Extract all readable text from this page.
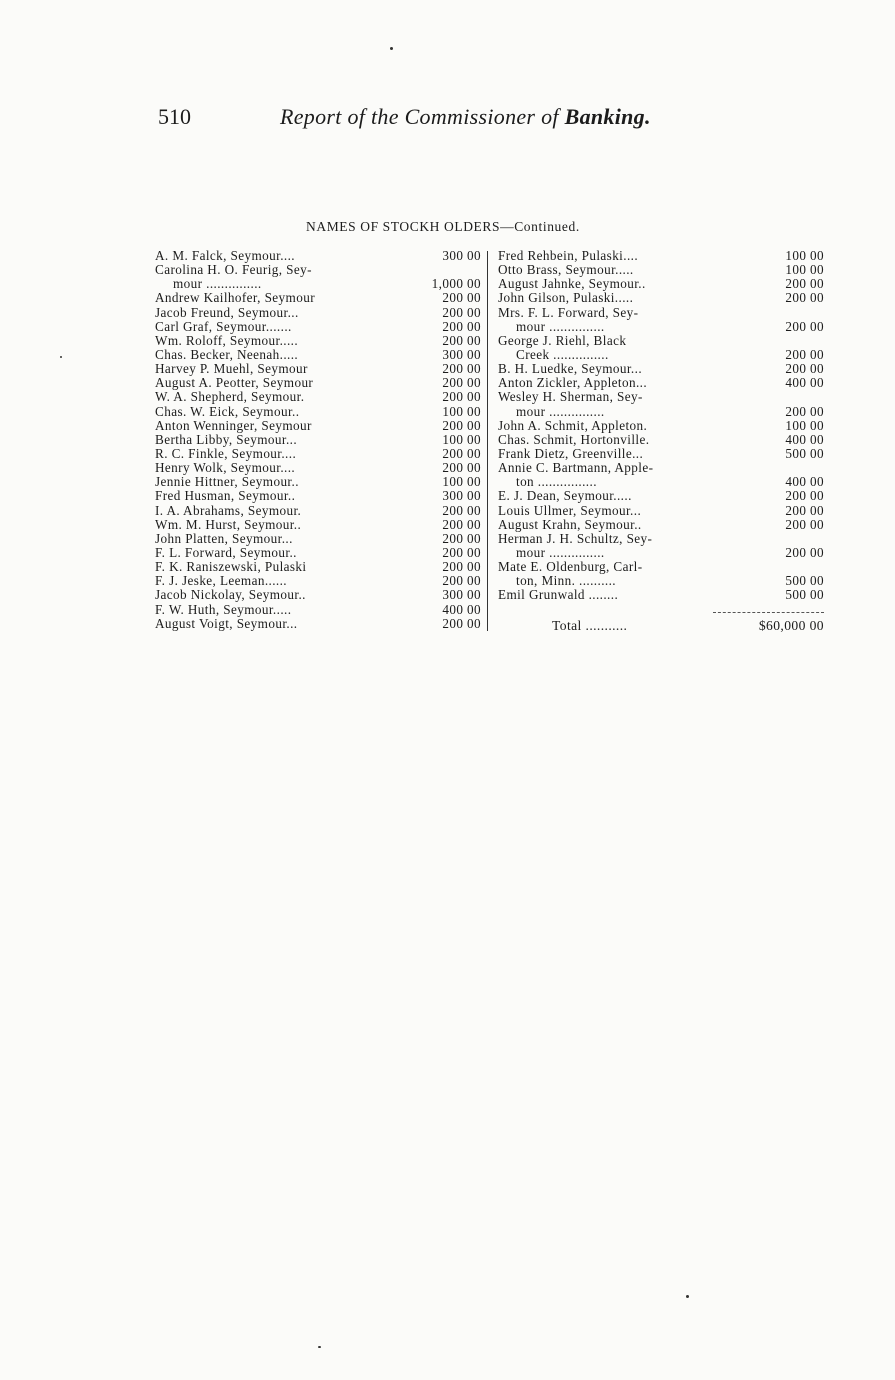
510	Report of the Commissioner of Banking.
NAMES OF STOCKH OLDERS—Continued.
A. M. Falck, Seymour....	300 00
Carolina H. O. Feurig, Sey-
mour ...............	1,000 00
Andrew Kailhofer, Seymour	200 00
Jacob Freund, Seymour...	200 00
Carl Graf, Seymour.......	200 00
Wm. Roloff, Seymour.....	200 00
Chas. Becker, Neenah.....	300 00
Harvey P. Muehl, Seymour	200 00
August A. Peotter, Seymour	200 00
W. A. Shepherd, Seymour.	200 00
Chas. W. Eick, Seymour..	100 00
Anton Wenninger, Seymour	200 00
Bertha Libby, Seymour...	100 00
R. C. Finkle, Seymour....	200 00
Henry Wolk, Seymour....	200 00
Jennie Hittner, Seymour..	100 00
Fred Husman, Seymour..	300 00
I. A. Abrahams, Seymour.	200 00
Wm. M. Hurst, Seymour..	200 00
John Platten, Seymour...	200 00
F. L. Forward, Seymour..	200 00
F. K. Raniszewski, Pulaski	200 00
F. J. Jeske, Leeman......	200 00
Jacob Nickolay, Seymour..	300 00
F. W. Huth, Seymour.....	400 00
August Voigt, Seymour...	200 00
Fred Rehbein, Pulaski....	100 00
Otto Brass, Seymour.....	100 00
August Jahnke, Seymour..	200 00
John Gilson, Pulaski.....	200 00
Mrs. F. L. Forward, Sey-
mour ...............	200 00
George J. Riehl, Black
Creek ...............	200 00
B. H. Luedke, Seymour...	200 00
Anton Zickler, Appleton...	400 00
Wesley H. Sherman, Sey-
mour ...............	200 00
John A. Schmit, Appleton.	100 00
Chas. Schmit, Hortonville.	400 00
Frank Dietz, Greenville...	500 00
Annie C. Bartmann, Apple-
ton ................	400 00
E. J. Dean, Seymour.....	200 00
Louis Ullmer, Seymour...	200 00
August Krahn, Seymour..	200 00
Herman J. H. Schultz, Sey-
mour ...............	200 00
Mate E. Oldenburg, Carl-
ton, Minn. ..........	500 00
Emil Grunwald ........	500 00
Total ...........	$60,000 00
